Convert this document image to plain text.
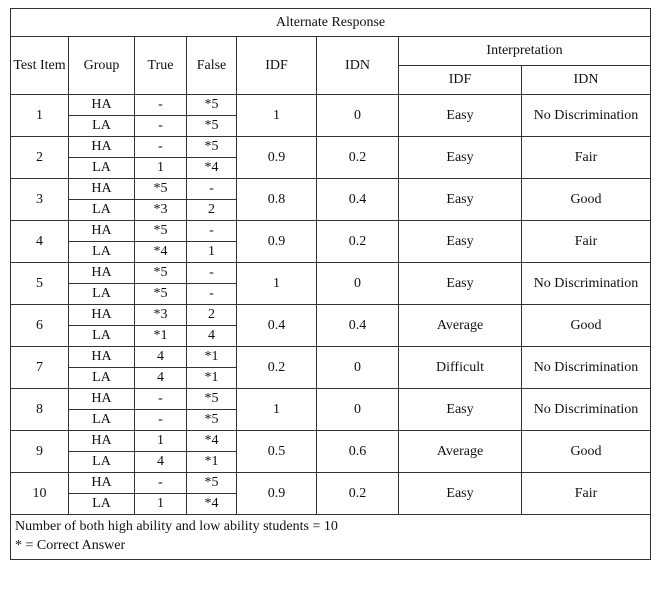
Alternate Response							
Test Item	Group	True	False	IDF	IDN	Interpretation	
						IDF	IDN
1	HA	-	*5	1	0	Easy	No Discrimination
	LA	-	*5				
2	HA	-	*5	0.9	0.2	Easy	Fair
	LA	1	*4				
3	HA	*5	-	0.8	0.4	Easy	Good
	LA	*3	2				
4	HA	*5	-	0.9	0.2	Easy	Fair
	LA	*4	1				
5	HA	*5	-	1	0	Easy	No Discrimination
	LA	*5	-				
6	HA	*3	2	0.4	0.4	Average	Good
	LA	*1	4				
7	HA	4	*1	0.2	0	Difficult	No Discrimination
	LA	4	*1				
8	HA	-	*5	1	0	Easy	No Discrimination
	LA	-	*5				
9	HA	1	*4	0.5	0.6	Average	Good
	LA	4	*1				
10	HA	-	*5	0.9	0.2	Easy	Fair
	LA	1	*4				

Number of both high ability and low ability students = 10
* = Correct Answer							
